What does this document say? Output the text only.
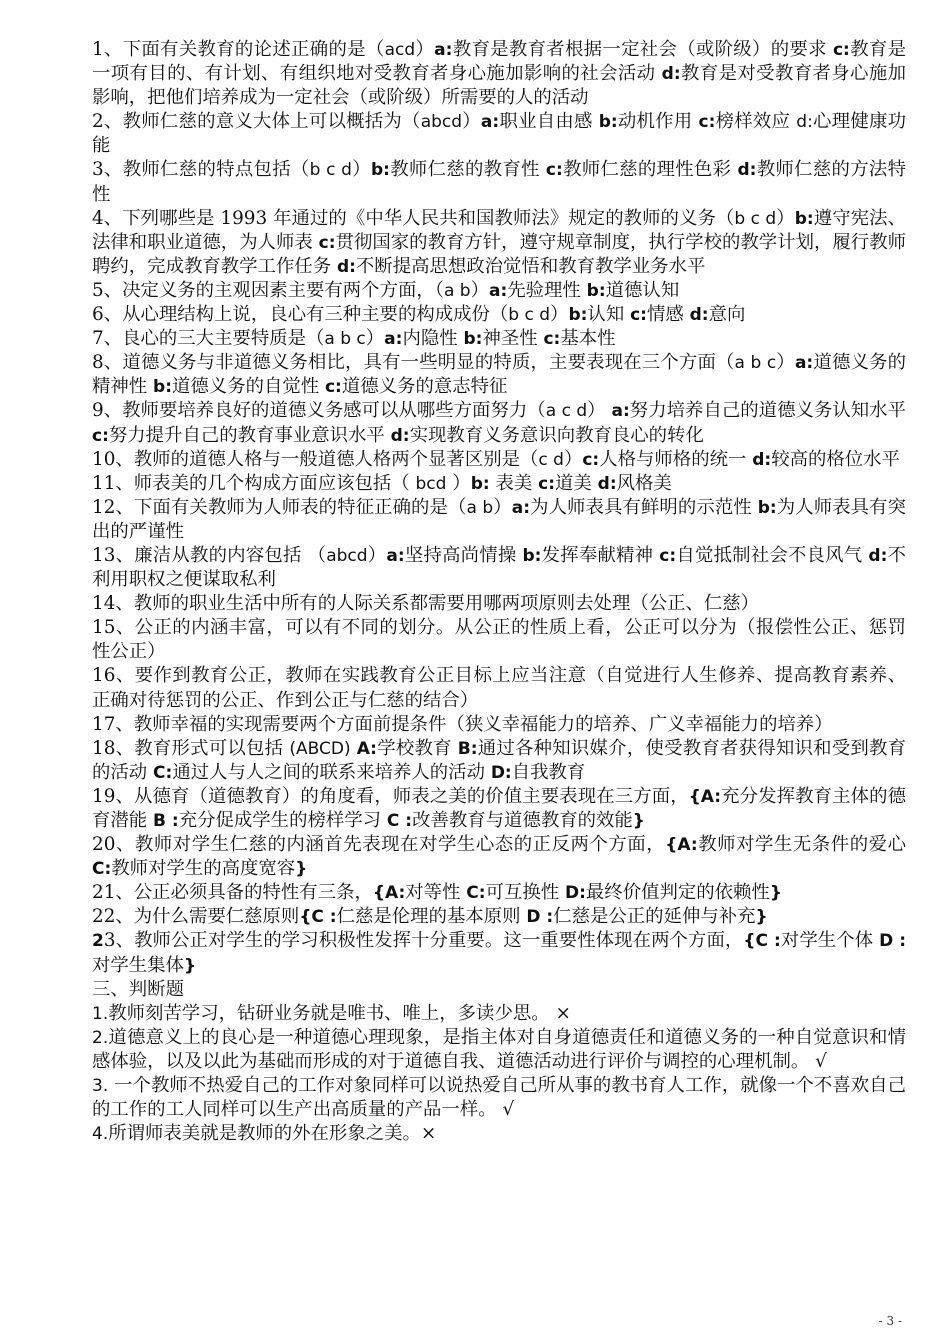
1、下面有关教育的论述正确的是（acd）a:教育是教育者根据一定社会（或阶级）的要求 c:教育是一项有目的、有计划、有组织地对受教育者身心施加影响的社会活动 d:教育是对受教育者身心施加影响，把他们培养成为一定社会（或阶级）所需要的人的活动

2、教师仁慈的意义大体上可以概括为（abcd）a:职业自由感 b:动机作用 c:榜样效应 d:心理健康功能

3、教师仁慈的特点包括（b c d）b:教师仁慈的教育性 c:教师仁慈的理性色彩 d:教师仁慈的方法特性

4、下列哪些是 1993 年通过的《中华人民共和国教师法》规定的教师的义务（b c d）b:遵守宪法、法律和职业道德，为人师表 c:贯彻国家的教育方针，遵守规章制度，执行学校的教学计划，履行教师聘约，完成教育教学工作任务 d:不断提高思想政治觉悟和教育教学业务水平

5、决定义务的主观因素主要有两个方面，（a b）a:先验理性 b:道德认知

6、从心理结构上说，良心有三种主要的构成成份（b c d）b:认知 c:情感 d:意向

7、良心的三大主要特质是（a b c）a:内隐性 b:神圣性 c:基本性

8、道德义务与非道德义务相比，具有一些明显的特质，主要表现在三个方面（a b c）a:道德义务的精神性 b:道德义务的自觉性 c:道德义务的意志特征

9、教师要培养良好的道德义务感可以从哪些方面努力（a c d） a:努力培养自己的道德义务认知水平 c:努力提升自己的教育事业意识水平 d:实现教育义务意识向教育良心的转化

10、教师的道德人格与一般道德人格两个显著区别是（c d）c:人格与师格的统一 d:较高的格位水平

11、师表美的几个构成方面应该包括（ bcd ）b: 表美 c:道美 d:风格美

12、下面有关教师为人师表的特征正确的是（a b）a:为人师表具有鲜明的示范性 b:为人师表具有突出的严谨性

13、廉洁从教的内容包括 （abcd）a:坚持高尚情操 b:发挥奉献精神 c:自觉抵制社会不良风气 d:不利用职权之便谋取私利

14、教师的职业生活中所有的人际关系都需要用哪两项原则去处理（公正、仁慈）

15、公正的内涵丰富，可以有不同的划分。从公正的性质上看，公正可以分为（报偿性公正、惩罚性公正）

16、要作到教育公正，教师在实践教育公正目标上应当注意（自觉进行人生修养、提高教育素养、正确对待惩罚的公正、作到公正与仁慈的结合）

17、教师幸福的实现需要两个方面前提条件（狭义幸福能力的培养、广义幸福能力的培养）

18、教育形式可以包括 (ABCD) A:学校教育 B:通过各种知识媒介，使受教育者获得知识和受到教育的活动 C:通过人与人之间的联系来培养人的活动 D:自我教育

19、从德育（道德教育）的角度看，师表之美的价值主要表现在三方面，{A:充分发挥教育主体的德育潜能 B :充分促成学生的榜样学习 C :改善教育与道德教育的效能}

20、教师对学生仁慈的内涵首先表现在对学生心态的正反两个方面，{A:教师对学生无条件的爱心 C:教师对学生的高度宽容}

21、公正必须具备的特性有三条，{A:对等性 C:可互换性 D:最终价值判定的依赖性}

22、为什么需要仁慈原则{C :仁慈是伦理的基本原则 D :仁慈是公正的延伸与补充}

23、教师公正对学生的学习积极性发挥十分重要。这一重要性体现在两个方面，{C :对学生个体 D :对学生集体}

三、判断题

1.教师刻苦学习，钻研业务就是唯书、唯上，多读少思。 ×

2.道德意义上的良心是一种道德心理现象，是指主体对自身道德责任和道德义务的一种自觉意识和情感体验，以及以此为基础而形成的对于道德自我、道德活动进行评价与调控的心理机制。 √

3. 一个教师不热爱自己的工作对象同样可以说热爱自己所从事的教书育人工作，就像一个不喜欢自己的工作的工人同样可以生产出高质量的产品一样。 √

4.所谓师表美就是教师的外在形象之美。×

- 3 -
